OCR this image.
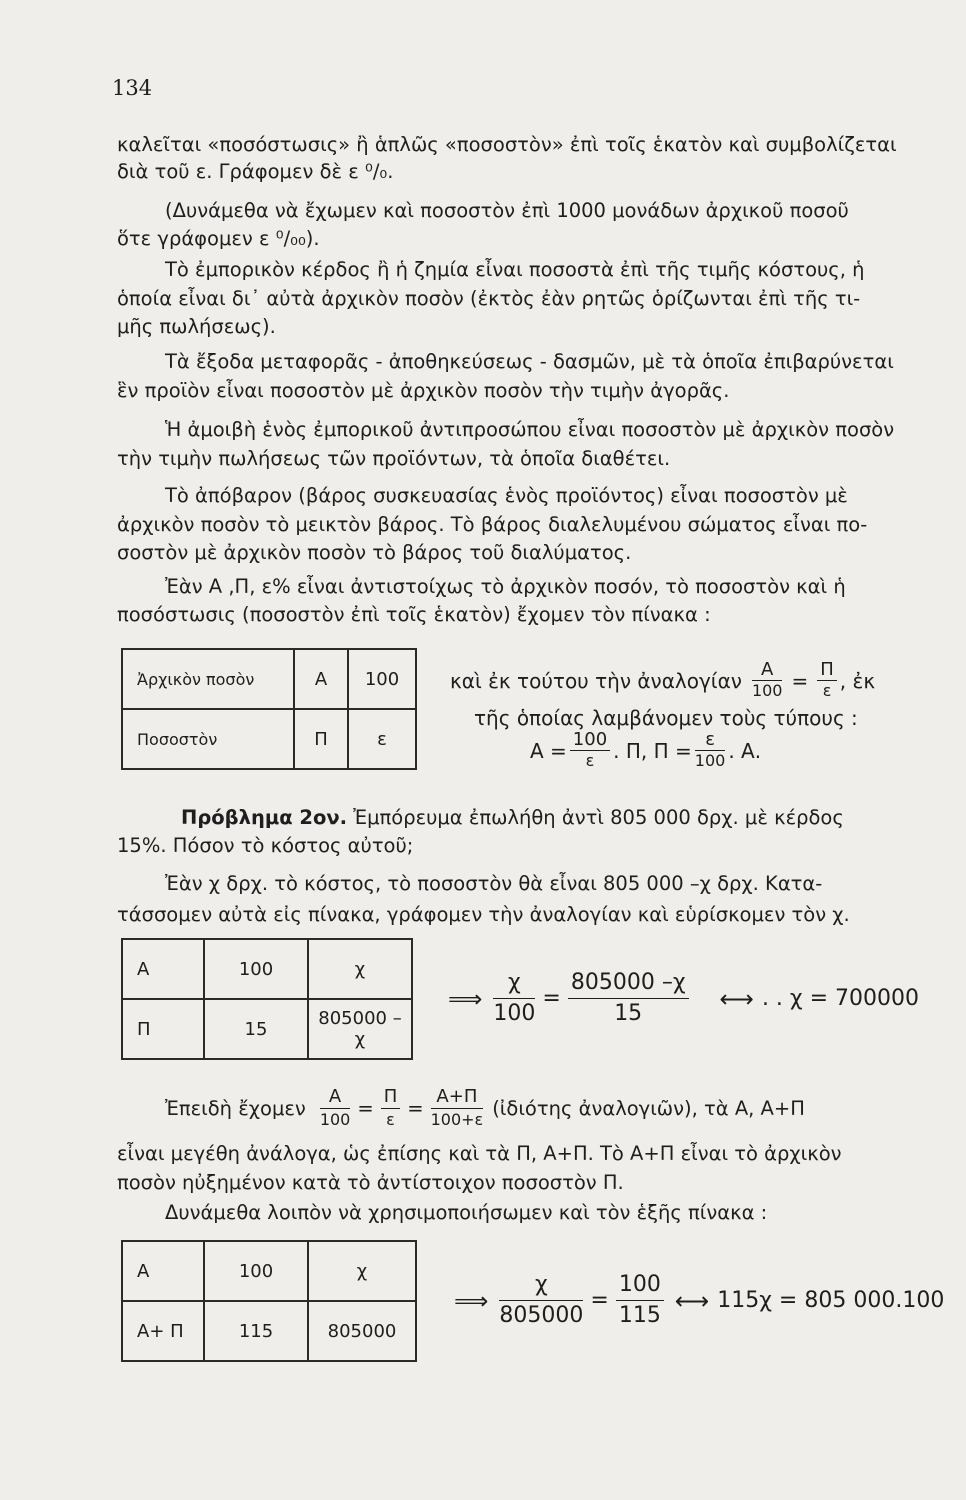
134
καλεῖται «ποσόστωσις» ἢ ἁπλῶς «ποσοστὸν» ἐπὶ τοῖς ἑκατὸν καὶ συμβολίζεται
διὰ τοῦ ε. Γράφομεν δὲ ε ⁰/₀.
(Δυνάμεθα νὰ ἔχωμεν καὶ ποσοστὸν ἐπὶ 1000 μονάδων ἀρχικοῦ ποσοῦ
ὅτε γράφομεν ε ⁰/₀₀).
Τὸ ἐμπορικὸν κέρδος ἢ ἡ ζημία εἶναι ποσοστὰ ἐπὶ τῆς τιμῆς κόστους, ἡ
ὁποία εἶναι δι᾽ αὐτὰ ἀρχικὸν ποσὸν (ἐκτὸς ἐὰν ρητῶς ὁρίζωνται ἐπὶ τῆς τι-
μῆς πωλήσεως).
Τὰ ἔξοδα μεταφορᾶς - ἀποθηκεύσεως - δασμῶν, μὲ τὰ ὁποῖα ἐπιβαρύνεται
ἓν προϊὸν εἶναι ποσοστὸν μὲ ἀρχικὸν ποσὸν τὴν τιμὴν ἀγορᾶς.
Ἡ ἀμοιβὴ ἑνὸς ἐμπορικοῦ ἀντιπροσώπου εἶναι ποσοστὸν μὲ ἀρχικὸν ποσὸν
τὴν τιμὴν πωλήσεως τῶν προϊόντων, τὰ ὁποῖα διαθέτει.
Τὸ ἀπόβαρον (βάρος συσκευασίας ἑνὸς προϊόντος) εἶναι ποσοστὸν μὲ
ἀρχικὸν ποσὸν τὸ μεικτὸν βάρος. Τὸ βάρος διαλελυμένου σώματος εἶναι πο-
σοστὸν μὲ ἀρχικὸν ποσὸν τὸ βάρος τοῦ διαλύματος.
Ἐὰν Α ,Π, ε% εἶναι ἀντιστοίχως τὸ ἀρχικὸν ποσόν, τὸ ποσοστὸν καὶ ἡ
ποσόστωσις (ποσοστὸν ἐπὶ τοῖς ἑκατὸν) ἔχομεν τὸν πίνακα :
Ἀρχικὸν ποσὸν	Α	100
Ποσοστὸν	Π	ε
καὶ ἐκ τούτου τὴν ἀναλογίαν $\frac{A}{100} = \frac{\Pi}{\varepsilon}$ , ἐκ
τῆς ὁποίας λαμβάνομεν τοὺς τύπους :
$A = \frac{100}{\varepsilon}$ . Π, $\Pi = \frac{\varepsilon}{100}$ . Α.
Πρόβλημα 2ον. Ἐμπόρευμα ἐπωλήθη ἀντὶ 805 000 δρχ. μὲ κέρδος
15%. Πόσον τὸ κόστος αὐτοῦ;
Ἐὰν χ δρχ. τὸ κόστος, τὸ ποσοστὸν θὰ εἶναι 805 000 –χ δρχ. Κατα-
τάσσομεν αὐτὰ εἰς πίνακα, γράφομεν τὴν ἀναλογίαν καὶ εὑρίσκομεν τὸν χ.
Α	100	χ
Π	15	805000 – χ
⟹ $\frac{\chi}{100} = \frac{805000 -\chi}{15}$ ⟷ . . χ = 700000
Ἐπειδὴ ἔχομεν $\frac{A}{100} = \frac{\Pi}{\varepsilon} = \frac{A+\Pi}{100+\varepsilon}$ (ἰδιότης ἀναλογιῶν), τὰ Α, Α+Π
εἶναι μεγέθη ἀνάλογα, ὡς ἐπίσης καὶ τὰ Π, Α+Π. Τὸ Α+Π εἶναι τὸ ἀρχικὸν
ποσὸν ηὐξημένον κατὰ τὸ ἀντίστοιχον ποσοστὸν Π.
Δυνάμεθα λοιπὸν νὰ χρησιμοποιήσωμεν καὶ τὸν ἑξῆς πίνακα :
Α	100	χ
Α+ Π	115	805000
⟹ $\frac{\chi}{805000} = \frac{100}{115}$ ⟷ 115χ = 805 000.100
